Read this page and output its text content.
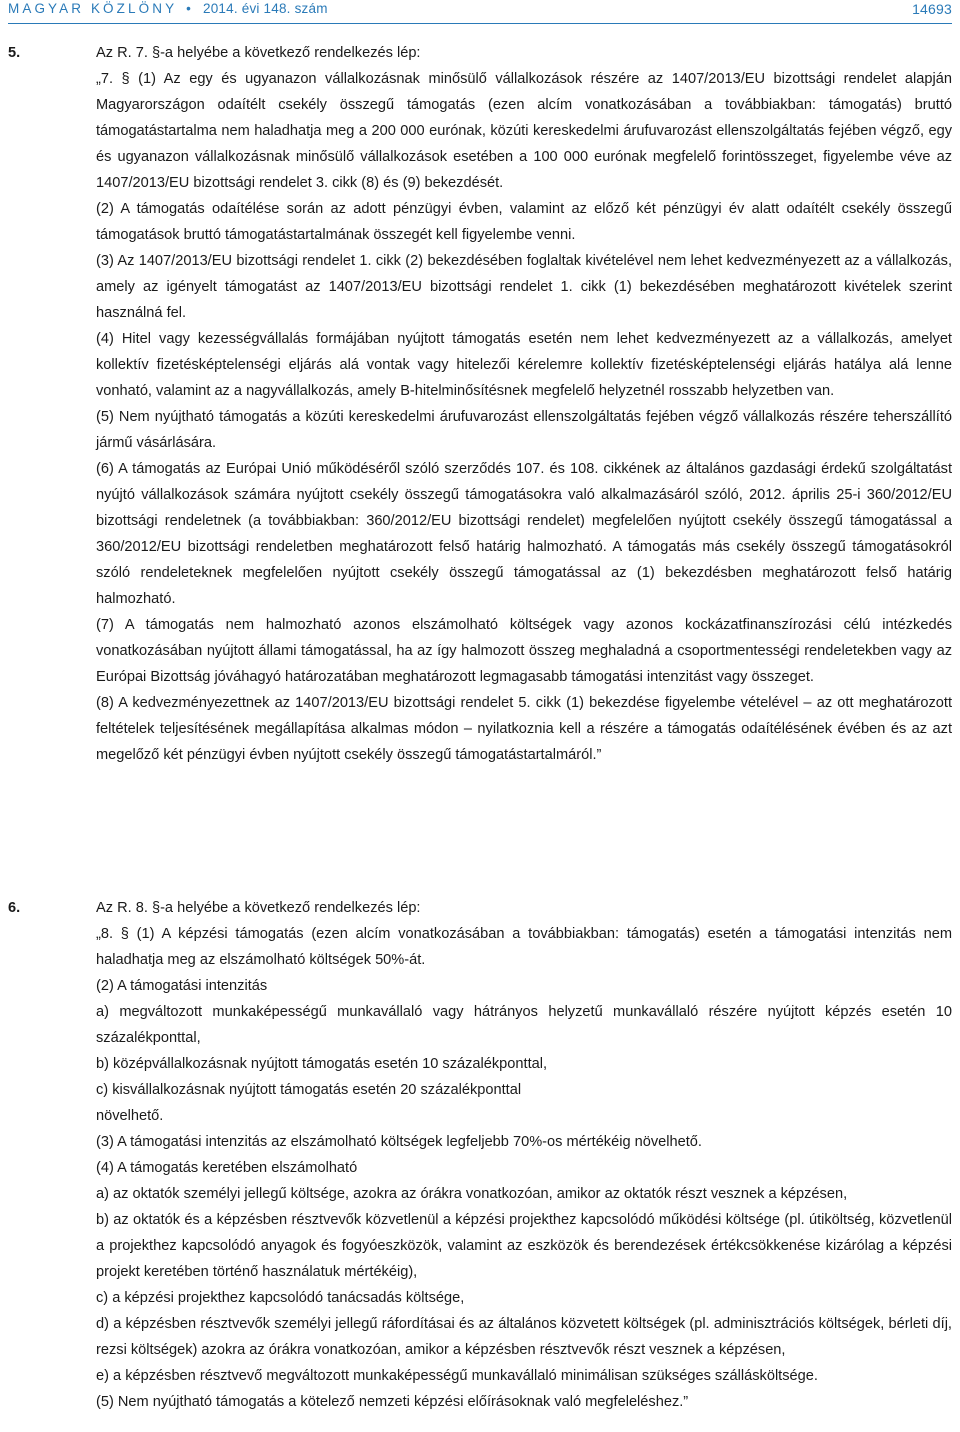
MAGYAR KÖZLÖNY • 2014. évi 148. szám	14693
5.	Az R. 7. §-a helyébe a következő rendelkezés lép:

„7. § (1) Az egy és ugyanazon vállalkozásnak minősülő vállalkozások részére az 1407/2013/EU bizottsági rendelet alapján Magyarországon odaítélt csekély összegű támogatás (ezen alcím vonatkozásában a továbbiakban: támogatás) bruttó támogatástartalma nem haladhatja meg a 200 000 eurónak, közúti kereskedelmi árufuvarozást ellenszolgáltatás fejében végző, egy és ugyanazon vállalkozásnak minősülő vállalkozások esetében a 100 000 eurónak megfelelő forintösszeget, figyelembe véve az 1407/2013/EU bizottsági rendelet 3. cikk (8) és (9) bekezdését.

(2) A támogatás odaítélése során az adott pénzügyi évben, valamint az előző két pénzügyi év alatt odaítélt csekély összegű támogatások bruttó támogatástartalmának összegét kell figyelembe venni.

(3) Az 1407/2013/EU bizottsági rendelet 1. cikk (2) bekezdésében foglaltak kivételével nem lehet kedvezményezett az a vállalkozás, amely az igényelt támogatást az 1407/2013/EU bizottsági rendelet 1. cikk (1) bekezdésében meghatározott kivételek szerint használná fel.

(4) Hitel vagy kezességvállalás formájában nyújtott támogatás esetén nem lehet kedvezményezett az a vállalkozás, amelyet kollektív fizetésképtelenségi eljárás alá vontak vagy hitelezői kérelemre kollektív fizetésképtelenségi eljárás hatálya alá lenne vonható, valamint az a nagyvállalkozás, amely B-hitelminősítésnek megfelelő helyzetnél rosszabb helyzetben van.

(5) Nem nyújtható támogatás a közúti kereskedelmi árufuvarozást ellenszolgáltatás fejében végző vállalkozás részére teherszállító jármű vásárlására.

(6) A támogatás az Európai Unió működéséről szóló szerződés 107. és 108. cikkének az általános gazdasági érdekű szolgáltatást nyújtó vállalkozások számára nyújtott csekély összegű támogatásokra való alkalmazásáról szóló, 2012. április 25-i 360/2012/EU bizottsági rendeletnek (a továbbiakban: 360/2012/EU bizottsági rendelet) megfelelően nyújtott csekély összegű támogatással a 360/2012/EU bizottsági rendeletben meghatározott felső határig halmozható. A támogatás más csekély összegű támogatásokról szóló rendeleteknek megfelelően nyújtott csekély összegű támogatással az (1) bekezdésben meghatározott felső határig halmozható.

(7) A támogatás nem halmozható azonos elszámolható költségek vagy azonos kockázatfinanszírozási célú intézkedés vonatkozásában nyújtott állami támogatással, ha az így halmozott összeg meghaladná a csoportmentességi rendeletekben vagy az Európai Bizottság jóváhagyó határozatában meghatározott legmagasabb támogatási intenzitást vagy összeget.

(8) A kedvezményezettnek az 1407/2013/EU bizottsági rendelet 5. cikk (1) bekezdése figyelembe vételével – az ott meghatározott feltételek teljesítésének megállapítása alkalmas módon – nyilatkoznia kell a részére a támogatás odaítélésének évében és az azt megelőző két pénzügyi évben nyújtott csekély összegű támogatástartalmáról.”

6.	Az R. 8. §-a helyébe a következő rendelkezés lép:

„8. § (1) A képzési támogatás (ezen alcím vonatkozásában a továbbiakban: támogatás) esetén a támogatási intenzitás nem haladhatja meg az elszámolható költségek 50%-át.

(2) A támogatási intenzitás

a) megváltozott munkaképességű munkavállaló vagy hátrányos helyzetű munkavállaló részére nyújtott képzés esetén 10 százalékponttal,

b) középvállalkozásnak nyújtott támogatás esetén 10 százalékponttal,

c) kisvállalkozásnak nyújtott támogatás esetén 20 százalékponttal

növelhető.

(3) A támogatási intenzitás az elszámolható költségek legfeljebb 70%-os mértékéig növelhető.

(4) A támogatás keretében elszámolható

a) az oktatók személyi jellegű költsége, azokra az órákra vonatkozóan, amikor az oktatók részt vesznek a képzésen,

b) az oktatók és a képzésben résztvevők közvetlenül a képzési projekthez kapcsolódó működési költsége (pl. útiköltség, közvetlenül a projekthez kapcsolódó anyagok és fogyóeszközök, valamint az eszközök és berendezések értékcsökkenése kizárólag a képzési projekt keretében történő használatuk mértékéig),

c) a képzési projekthez kapcsolódó tanácsadás költsége,

d) a képzésben résztvevők személyi jellegű ráfordításai és az általános közvetett költségek (pl. adminisztrációs költségek, bérleti díj, rezsi költségek) azokra az órákra vonatkozóan, amikor a képzésben résztvevők részt vesznek a képzésen,

e) a képzésben résztvevő megváltozott munkaképességű munkavállaló minimálisan szükséges szállásköltsége.

(5) Nem nyújtható támogatás a kötelező nemzeti képzési előírásoknak való megfeleléshez.”
